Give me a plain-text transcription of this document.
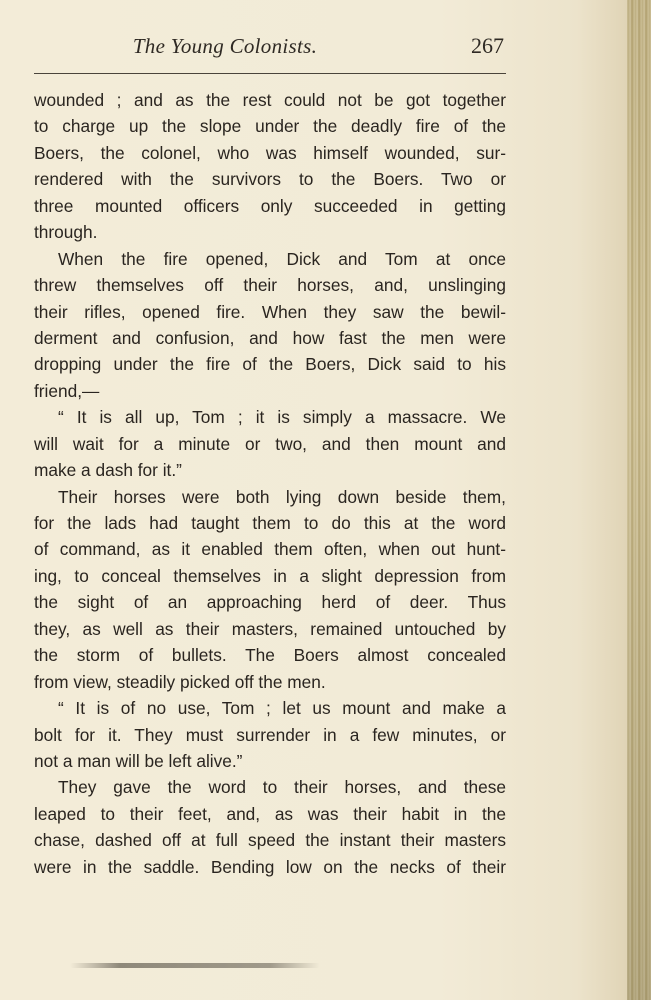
The Young Colonists.	267
wounded ; and as the rest could not be got together
to charge up the slope under the deadly fire of the
Boers, the colonel, who was himself wounded, sur-
rendered with the survivors to the Boers. Two or
three mounted officers only succeeded in getting
through.
When the fire opened, Dick and Tom at once
threw themselves off their horses, and, unslinging
their rifles, opened fire. When they saw the bewil-
derment and confusion, and how fast the men were
dropping under the fire of the Boers, Dick said to his
friend,—
“ It is all up, Tom ; it is simply a massacre. We
will wait for a minute or two, and then mount and
make a dash for it.”
Their horses were both lying down beside them,
for the lads had taught them to do this at the word
of command, as it enabled them often, when out hunt-
ing, to conceal themselves in a slight depression from
the sight of an approaching herd of deer. Thus
they, as well as their masters, remained untouched by
the storm of bullets. The Boers almost concealed
from view, steadily picked off the men.
“ It is of no use, Tom ; let us mount and make a
bolt for it. They must surrender in a few minutes, or
not a man will be left alive.”
They gave the word to their horses, and these
leaped to their feet, and, as was their habit in the
chase, dashed off at full speed the instant their masters
were in the saddle. Bending low on the necks of their
